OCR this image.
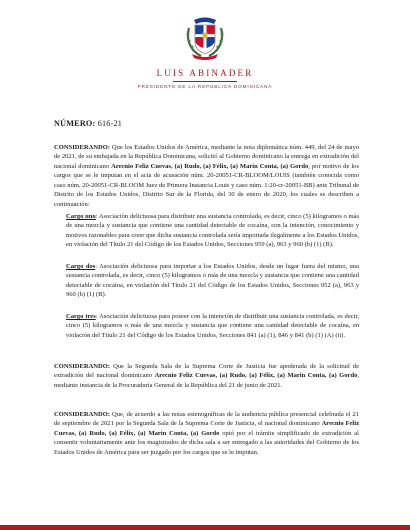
LUIS ABINADER
PRESIDENTE DE LA REPÚBLICA DOMINICANA
NÚMERO: 616-21
CONSIDERANDO: Que los Estados Unidos de América, mediante la nota diplomática núm. 449, del 24 de mayo de 2021, de su embajada en la República Dominicana, solicitó al Gobierno dominicano la entrega en extradición del nacional dominicano Arecnio Feliz Cuevas, (a) Rudo, (a) Félix, (a) Marin Conta, (a) Gordo, por motivo de los cargos que se le imputan en el acta de acusación núm. 20-20051-CR-BLOOM/LOUIS (también conocida como caso núm. 20-20051-CR-BLOOM Juez de Primera Instancia Louis y caso núm. 1:20-cr-20051-BB) ante Tribunal de Distrito de los Estados Unidos, Distrito Sur de la Florida, del 30 de enero de 2020, los cuales se describen a continuación:
Cargo uno: Asociación delictuosa para distribuir una sustancia controlada, es decir, cinco (5) kilogramos o más de una mezcla y sustancia que contiene una cantidad detectable de cocaína, con la intención, conocimiento y motivos razonables para creer que dicha sustancia controlada sería importada ilegalmente a los Estados Unidos, en violación del Título 21 del Código de los Estados Unidos, Secciones 959 (a), 963 y 960 (b) (1) (B).
Cargo dos: Asociación delictuosa para importar a los Estados Unidos, desde un lugar fuera del mismo, una sustancia controlada, es decir, cinco (5) kilogramos o más de una mezcla y sustancia que contiene una cantidad detectable de cocaína, en violación del Título 21 del Código de los Estados Unidos, Secciones 952 (a), 963 y 960 (b) (1) (B).
Cargo tres: Asociación delictuosa para poseer con la intención de distribuir una sustancia controlada, es decir, cinco (5) kilogramos o más de una mezcla y sustancia que contiene una cantidad detectable de cocaína, en violación del Título 21 del Código de los Estados Unidos, Secciones 841 (a) (1), 846 y 841 (b) (1) (A) (ii).
CONSIDERANDO: Que la Segunda Sala de la Suprema Corte de Justicia fue apoderada de la solicitud de extradición del nacional dominicano Arecnio Feliz Cuevas, (a) Rudo, (a) Félix, (a) Marin Conta, (a) Gordo, mediante instancia de la Procuraduría General de la República del 21 de junio de 2021.
CONSIDERANDO: Que, de acuerdo a las notas estenográficas de la audiencia pública presencial celebrada el 21 de septiembre de 2021 por la Segunda Sala de la Suprema Corte de Justicia, el nacional dominicano Arecnio Feliz Cuevas, (a) Rudo, (a) Félix, (a) Marin Conta, (a) Gordo optó por el trámite simplificado de extradición al consentir voluntariamente ante los magistrados de dicha sala a ser entregado a las autoridades del Gobierno de los Estados Unidos de América para ser juzgado por los cargos que se le imputan.
